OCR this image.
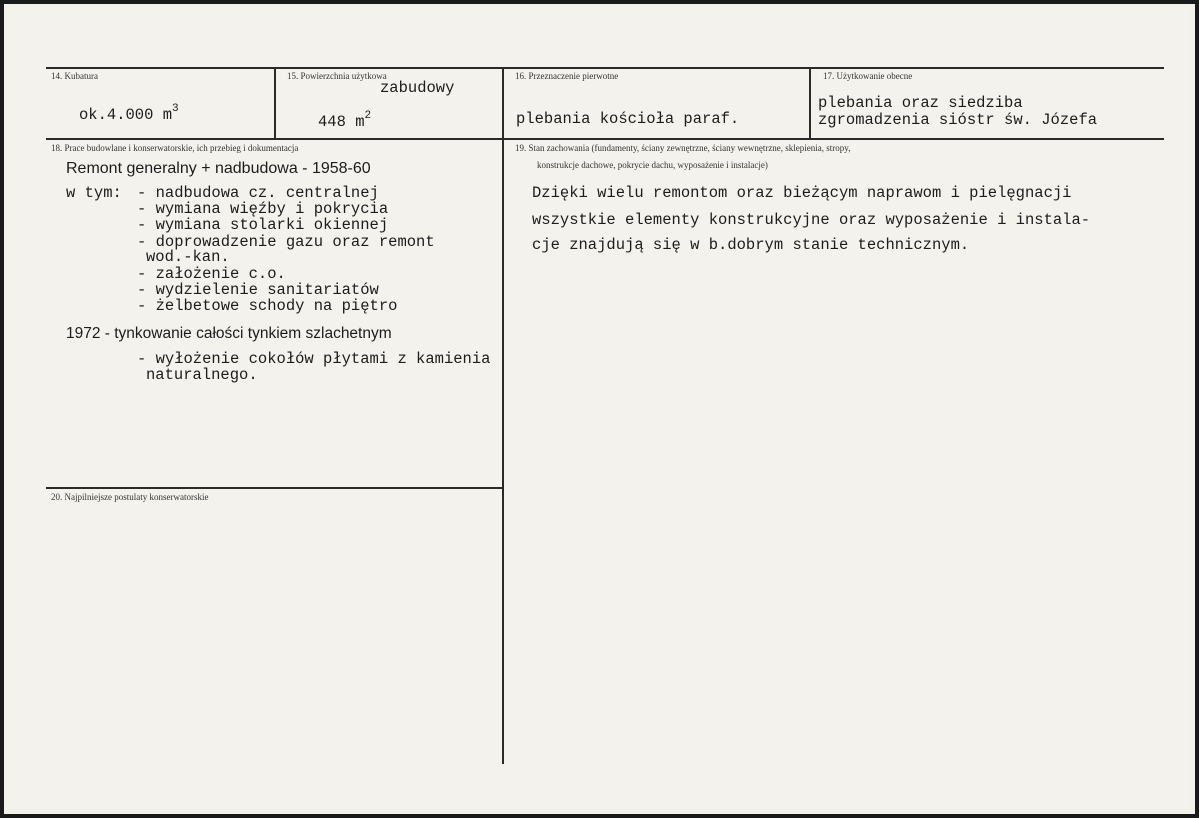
14. Kubatura
ok.4.000 $m^3$
15. Powierzchnia użytkowa
zabudowy
448 $m^2$
16. Przeznaczenie pierwotne
plebania kościoła paraf.
17. Użytkowanie obecne
plebania oraz siedziba
zgromadzenia sióstr św. Józefa
18. Prace budowlane i konserwatorskie, ich przebieg i dokumentacja
Remont generalny + nadbudowa - 1958-60
w tym: - nadbudowa cz. centralnej
- wymiana więźby i pokrycia
- wymiana stolarki okiennej
- doprowadzenie gazu oraz remont
wod.-kan.
- założenie c.o.
- wydzielenie sanitariatów
- żelbetowe schody na piętro
1972 - tynkowanie całości tynkiem szlachetnym
- wyłożenie cokołów płytami z kamienia
naturalnego.
19. Stan zachowania (fundamenty, ściany zewnętrzne, ściany wewnętrzne, sklepienia, stropy,
konstrukcje dachowe, pokrycie dachu, wyposażenie i instalacje)
Dzięki wielu remontom oraz bieżącym naprawom i pielęgnacji
wszystkie elementy konstrukcyjne oraz wyposażenie i instala-
cje znajdują się w b.dobrym stanie technicznym.
20. Najpilniejsze postulaty konserwatorskie
